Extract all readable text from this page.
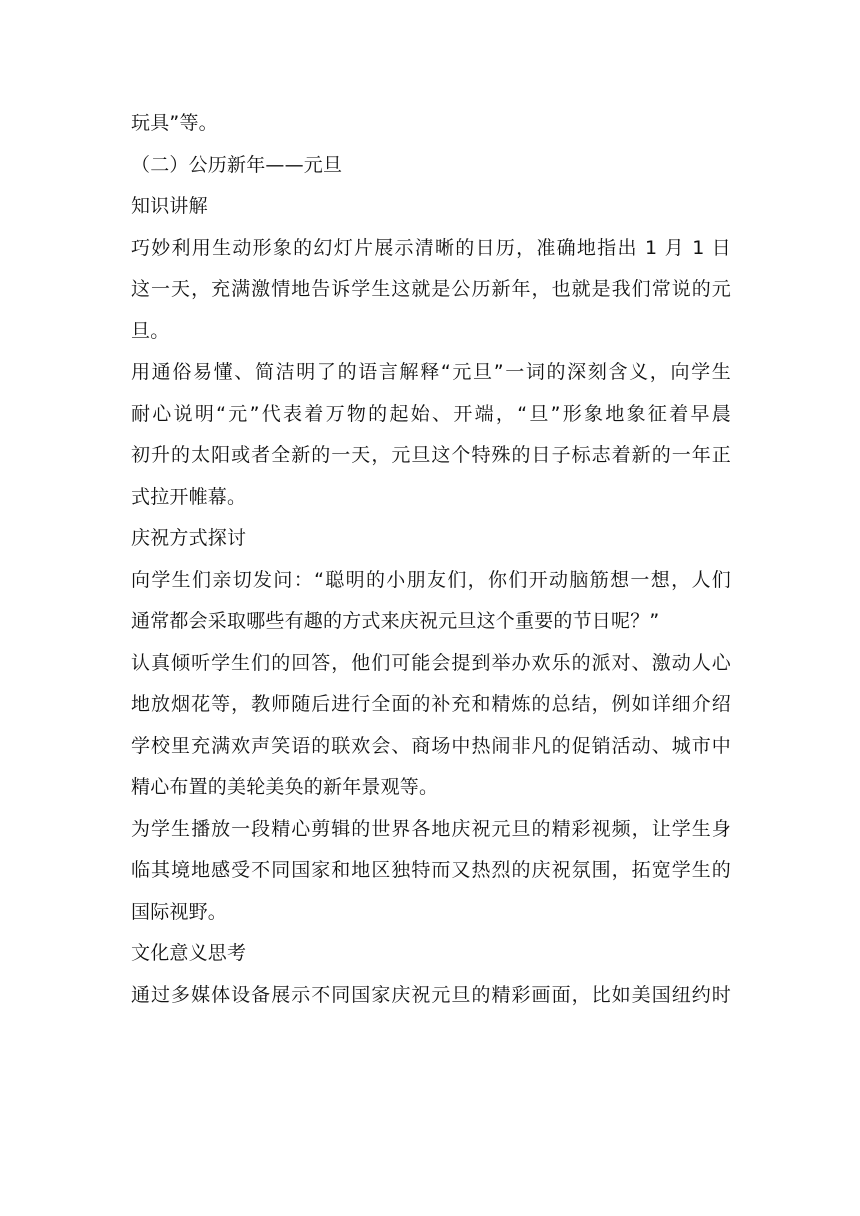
玩具”等。
（二）公历新年——元旦
知识讲解
巧妙利用生动形象的幻灯片展示清晰的日历，准确地指出 1 月 1 日
这一天，充满激情地告诉学生这就是公历新年，也就是我们常说的元
旦。
用通俗易懂、简洁明了的语言解释“元旦”一词的深刻含义，向学生
耐心说明“元”代表着万物的起始、开端，“旦”形象地象征着早晨
初升的太阳或者全新的一天，元旦这个特殊的日子标志着新的一年正
式拉开帷幕。
庆祝方式探讨
向学生们亲切发问：“聪明的小朋友们，你们开动脑筋想一想，人们
通常都会采取哪些有趣的方式来庆祝元旦这个重要的节日呢？”
认真倾听学生们的回答，他们可能会提到举办欢乐的派对、激动人心
地放烟花等，教师随后进行全面的补充和精炼的总结，例如详细介绍
学校里充满欢声笑语的联欢会、商场中热闹非凡的促销活动、城市中
精心布置的美轮美奂的新年景观等。
为学生播放一段精心剪辑的世界各地庆祝元旦的精彩视频，让学生身
临其境地感受不同国家和地区独特而又热烈的庆祝氛围，拓宽学生的
国际视野。
文化意义思考
通过多媒体设备展示不同国家庆祝元旦的精彩画面，比如美国纽约时
